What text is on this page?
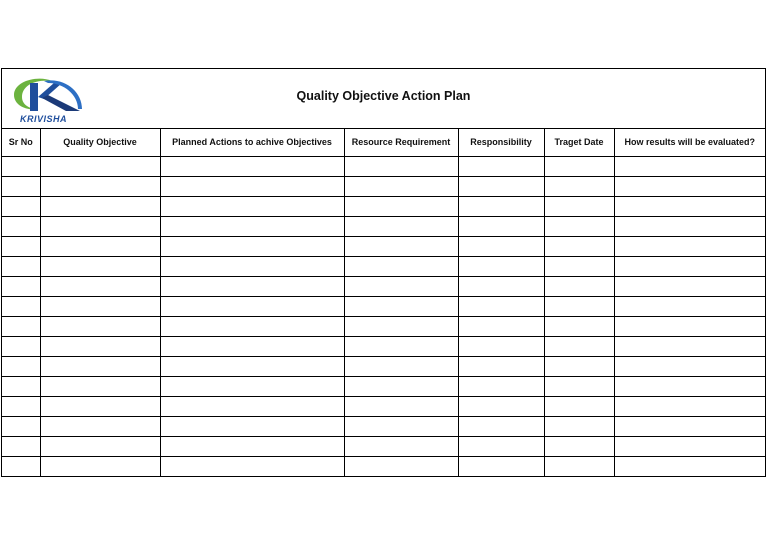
KRIVISHA
Quality Objective Action Plan
Sr No	Quality Objective	Planned Actions to achive Objectives	Resource Requirement	Responsibility	Traget Date	How results will be evaluated?
